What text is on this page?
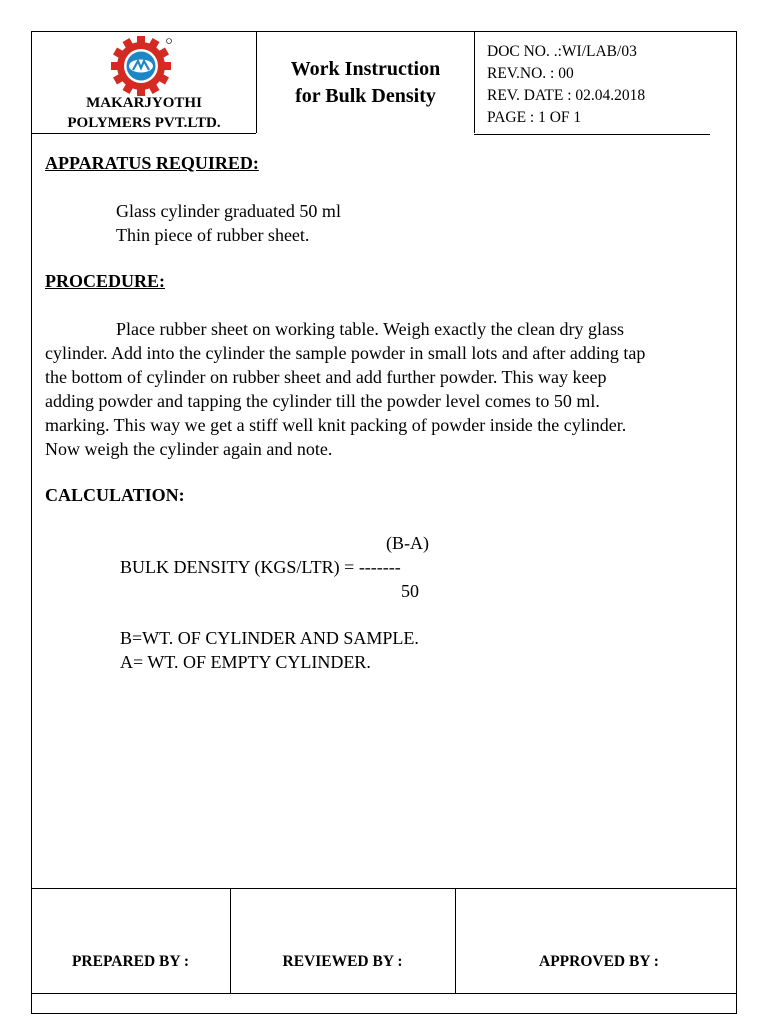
MAKARJYOTHI
POLYMERS PVT.LTD.
Work Instruction
for Bulk Density
DOC NO. .:WI/LAB/03
REV.NO. : 00
REV. DATE : 02.04.2018
PAGE : 1 OF 1
APPARATUS REQUIRED:
Glass cylinder graduated 50 ml
Thin piece of rubber sheet.
PROCEDURE:
Place rubber sheet on working table. Weigh exactly the clean dry glass
cylinder. Add into the cylinder the sample powder in small lots and after adding tap
the bottom of cylinder on rubber sheet and add further powder. This way keep
adding powder and tapping the cylinder till the powder level comes to 50 ml.
marking. This way we get a stiff well knit packing of powder inside the cylinder.
Now weigh the cylinder again and note.
CALCULATION:
(B-A)
BULK DENSITY (KGS/LTR) = -------
50
B=WT. OF CYLINDER AND SAMPLE.
A= WT. OF EMPTY CYLINDER.
PREPARED BY :	REVIEWED BY :	APPROVED BY :
